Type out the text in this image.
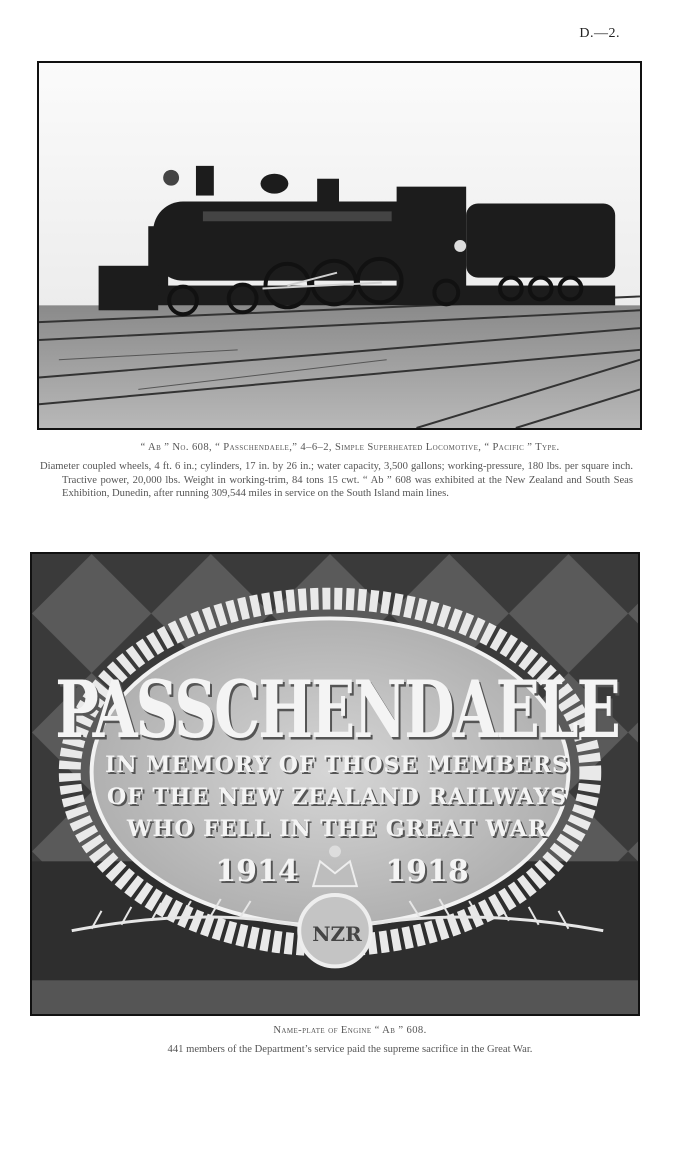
D.—2.
“ Ab ” No. 608, “ Passchendaele,” 4–6–2, Simple Superheated Locomotive, “ Pacific ” Type.
Diameter coupled wheels, 4 ft. 6 in.; cylinders, 17 in. by 26 in.; water capacity, 3,500 gallons; working-pressure, 180 lbs. per square inch. Tractive power, 20,000 lbs. Weight in working-trim, 84 tons 15 cwt. “ Ab ” 608 was exhibited at the New Zealand and South Seas Exhibition, Dunedin, after running 309,544 miles in service on the South Island main lines.
PASSCHENDAELE
IN MEMORY OF THOSE MEMBERS
OF THE NEW ZEALAND RAILWAYS
WHO FELL IN THE GREAT WAR
1914	1918
NZR
Name-plate of Engine “ Ab ” 608.
441 members of the Department’s service paid the supreme sacrifice in the Great War.
